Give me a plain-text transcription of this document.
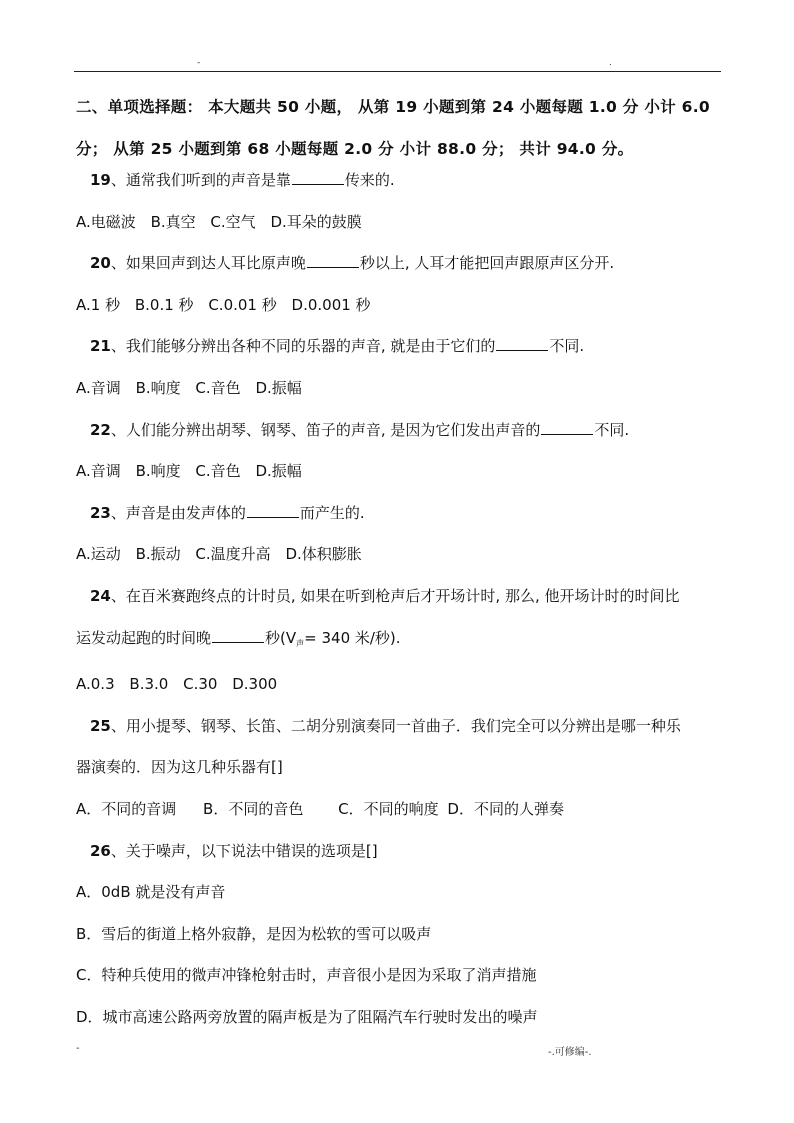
-	.
二、单项选择题： 本大题共 50 小题， 从第 19 小题到第 24 小题每题 1.0 分 小计 6.0
分； 从第 25 小题到第 68 小题每题 2.0 分 小计 88.0 分； 共计 94.0 分。
19、通常我们听到的声音是靠	传来的.
A.电磁波 B.真空 C.空气 D.耳朵的鼓膜
20、如果回声到达人耳比原声晚	秒以上, 人耳才能把回声跟原声区分开.
A.1 秒 B.0.1 秒 C.0.01 秒 D.0.001 秒
21、我们能够分辨出各种不同的乐器的声音, 就是由于它们的	不同.
A.音调 B.响度 C.音色 D.振幅
22、人们能分辨出胡琴、钢琴、笛子的声音, 是因为它们发出声音的	不同.
A.音调 B.响度 C.音色 D.振幅
23、声音是由发声体的	而产生的.
A.运动 B.振动 C.温度升高 D.体积膨胀
24、在百米赛跑终点的计时员, 如果在听到枪声后才开场计时, 那么, 他开场计时的时间比
运发动起跑的时间晚	秒($V_声= 340$ 米/秒).
A.0.3 B.3.0 C.30 D.300
25、用小提琴、钢琴、长笛、二胡分别演奏同一首曲子．我们完全可以分辨出是哪一种乐
器演奏的．因为这几种乐器有[]
A．不同的音调 B．不同的音色 C．不同的响度 D．不同的人弹奏
26、关于噪声，以下说法中错误的选项是[]
A．0dB 就是没有声音
B．雪后的街道上格外寂静，是因为松软的雪可以吸声
C．特种兵使用的微声冲锋枪射击时，声音很小是因为采取了消声措施
D．城市高速公路两旁放置的隔声板是为了阻隔汽车行驶时发出的噪声
-	-.可修编-.
